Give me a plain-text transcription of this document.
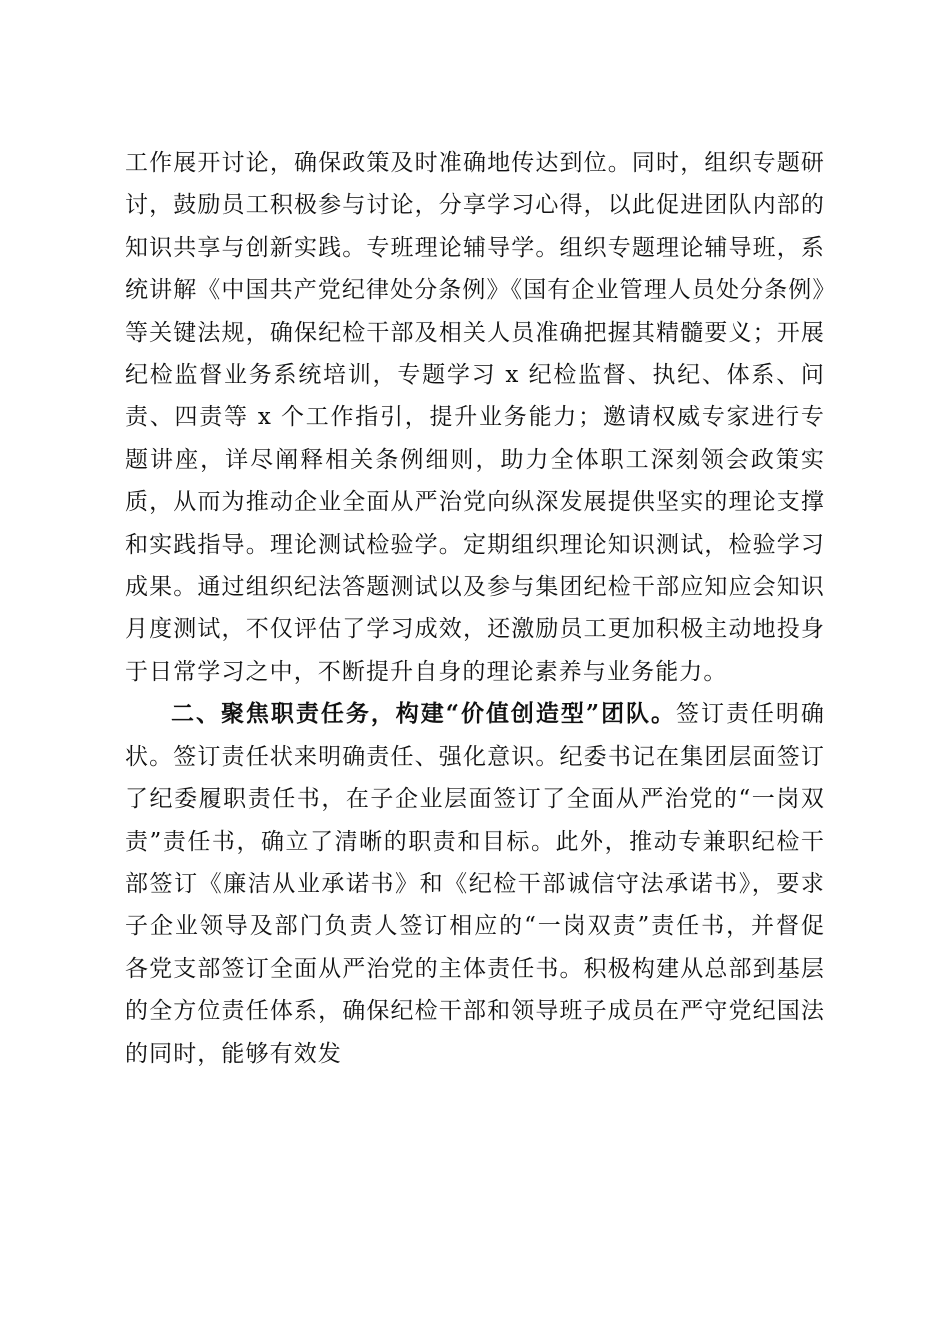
工作展开讨论，确保政策及时准确地传达到位。同时，组织专题研讨，鼓励员工积极参与讨论，分享学习心得，以此促进团队内部的知识共享与创新实践。专班理论辅导学。组织专题理论辅导班，系统讲解《中国共产党纪律处分条例》《国有企业管理人员处分条例》等关键法规，确保纪检干部及相关人员准确把握其精髓要义；开展纪检监督业务系统培训，专题学习 x 纪检监督、执纪、体系、问责、四责等 x 个工作指引，提升业务能力；邀请权威专家进行专题讲座，详尽阐释相关条例细则，助力全体职工深刻领会政策实质，从而为推动企业全面从严治党向纵深发展提供坚实的理论支撑和实践指导。理论测试检验学。定期组织理论知识测试，检验学习成果。通过组织纪法答题测试以及参与集团纪检干部应知应会知识月度测试，不仅评估了学习成效，还激励员工更加积极主动地投身于日常学习之中，不断提升自身的理论素养与业务能力。

二、聚焦职责任务，构建“价值创造型”团队。签订责任明确状。签订责任状来明确责任、强化意识。纪委书记在集团层面签订了纪委履职责任书，在子企业层面签订了全面从严治党的“一岗双责”责任书，确立了清晰的职责和目标。此外，推动专兼职纪检干部签订《廉洁从业承诺书》和《纪检干部诚信守法承诺书》，要求子企业领导及部门负责人签订相应的“一岗双责”责任书，并督促各党支部签订全面从严治党的主体责任书。积极构建从总部到基层的全方位责任体系，确保纪检干部和领导班子成员在严守党纪国法的同时，能够有效发
